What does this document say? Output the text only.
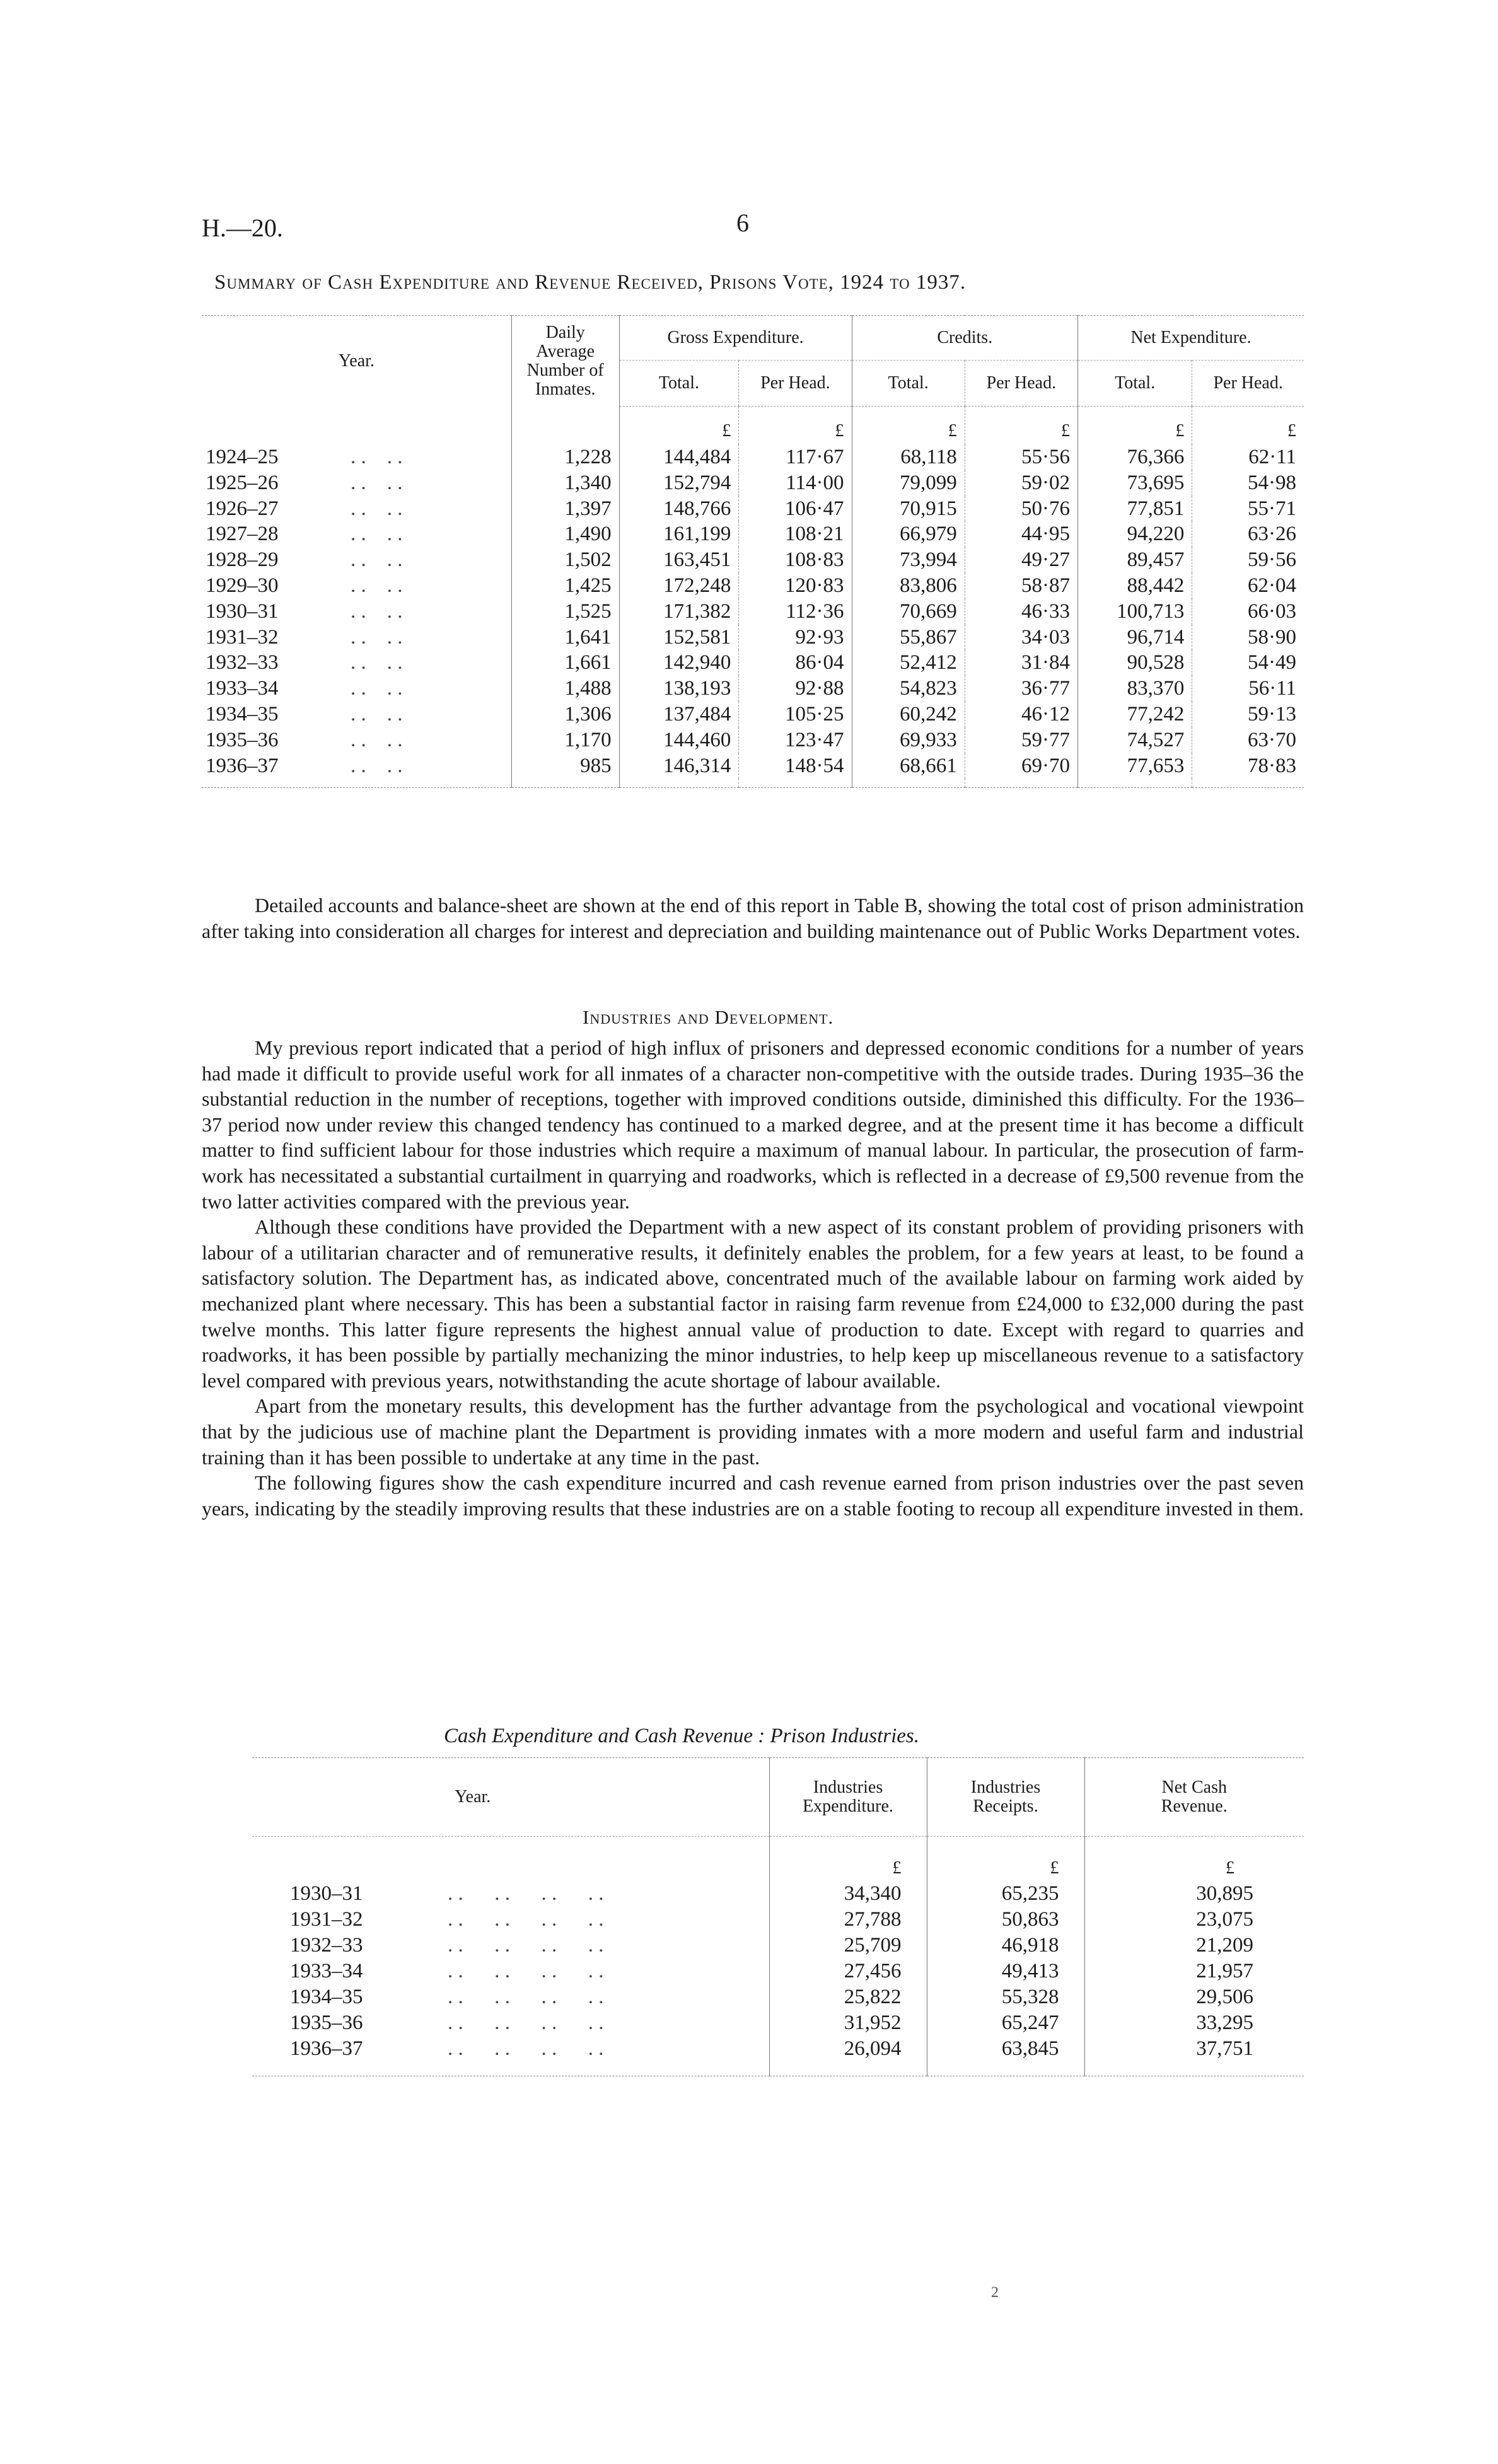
H.—20.	6
Summary of Cash Expenditure and Revenue Received, Prisons Vote, 1924 to 1937.
Year.	Daily Average Number of Inmates.	Gross Expenditure.		Credits.		Net Expenditure.	
		Total.	Per Head.	Total.	Per Head.	Total.	Per Head.
		£	£	£	£	£	£
1924–25 . .    . .	1,228	144,484	117·67	68,118	55·56	76,366	62·11
1925–26 . .    . .	1,340	152,794	114·00	79,099	59·02	73,695	54·98
1926–27 . .    . .	1,397	148,766	106·47	70,915	50·76	77,851	55·71
1927–28 . .    . .	1,490	161,199	108·21	66,979	44·95	94,220	63·26
1928–29 . .    . .	1,502	163,451	108·83	73,994	49·27	89,457	59·56
1929–30 . .    . .	1,425	172,248	120·83	83,806	58·87	88,442	62·04
1930–31 . .    . .	1,525	171,382	112·36	70,669	46·33	100,713	66·03
1931–32 . .    . .	1,641	152,581	92·93	55,867	34·03	96,714	58·90
1932–33 . .    . .	1,661	142,940	86·04	52,412	31·84	90,528	54·49
1933–34 . .    . .	1,488	138,193	92·88	54,823	36·77	83,370	56·11
1934–35 . .    . .	1,306	137,484	105·25	60,242	46·12	77,242	59·13
1935–36 . .    . .	1,170	144,460	123·47	69,933	59·77	74,527	63·70
1936–37 . .    . .	985	146,314	148·54	68,661	69·70	77,653	78·83

Detailed accounts and balance-sheet are shown at the end of this report in Table B, showing the total cost of prison administration after taking into consideration all charges for interest and depreciation and building maintenance out of Public Works Department votes.
Industries and Development.

My previous report indicated that a period of high influx of prisoners and depressed economic conditions for a number of years had made it difficult to provide useful work for all inmates of a character non-competitive with the outside trades. During 1935–36 the substantial reduction in the number of receptions, together with improved conditions outside, diminished this difficulty. For the 1936–37 period now under review this changed tendency has continued to a marked degree, and at the present time it has become a difficult matter to find sufficient labour for those industries which require a maximum of manual labour. In particular, the prosecution of farm-work has necessitated a substantial curtailment in quarrying and roadworks, which is reflected in a decrease of £9,500 revenue from the two latter activities compared with the previous year.

Although these conditions have provided the Department with a new aspect of its constant problem of providing prisoners with labour of a utilitarian character and of remunerative results, it definitely enables the problem, for a few years at least, to be found a satisfactory solution. The Department has, as indicated above, concentrated much of the available labour on farming work aided by mechanized plant where necessary. This has been a substantial factor in raising farm revenue from £24,000 to £32,000 during the past twelve months. This latter figure represents the highest annual value of production to date. Except with regard to quarries and roadworks, it has been possible by partially mechanizing the minor industries, to help keep up miscellaneous revenue to a satisfactory level compared with previous years, notwithstanding the acute shortage of labour available.

Apart from the monetary results, this development has the further advantage from the psychological and vocational viewpoint that by the judicious use of machine plant the Department is providing inmates with a more modern and useful farm and industrial training than it has been possible to undertake at any time in the past.

The following figures show the cash expenditure incurred and cash revenue earned from prison industries over the past seven years, indicating by the steadily improving results that these industries are on a stable footing to recoup all expenditure invested in them.

Cash Expenditure and Cash Revenue : Prison Industries.
Year.	Industries Expenditure.	Industries Receipts.	Net Cash Revenue.
	£	£	£
1930–31 . .      . .      . .      . .	34,340	65,235	30,895
1931–32 . .      . .      . .      . .	27,788	50,863	23,075
1932–33 . .      . .      . .      . .	25,709	46,918	21,209
1933–34 . .      . .      . .      . .	27,456	49,413	21,957
1934–35 . .      . .      . .      . .	25,822	55,328	29,506
1935–36 . .      . .      . .      . .	31,952	65,247	33,295
1936–37 . .      . .      . .      . .	26,094	63,845	37,751

2
